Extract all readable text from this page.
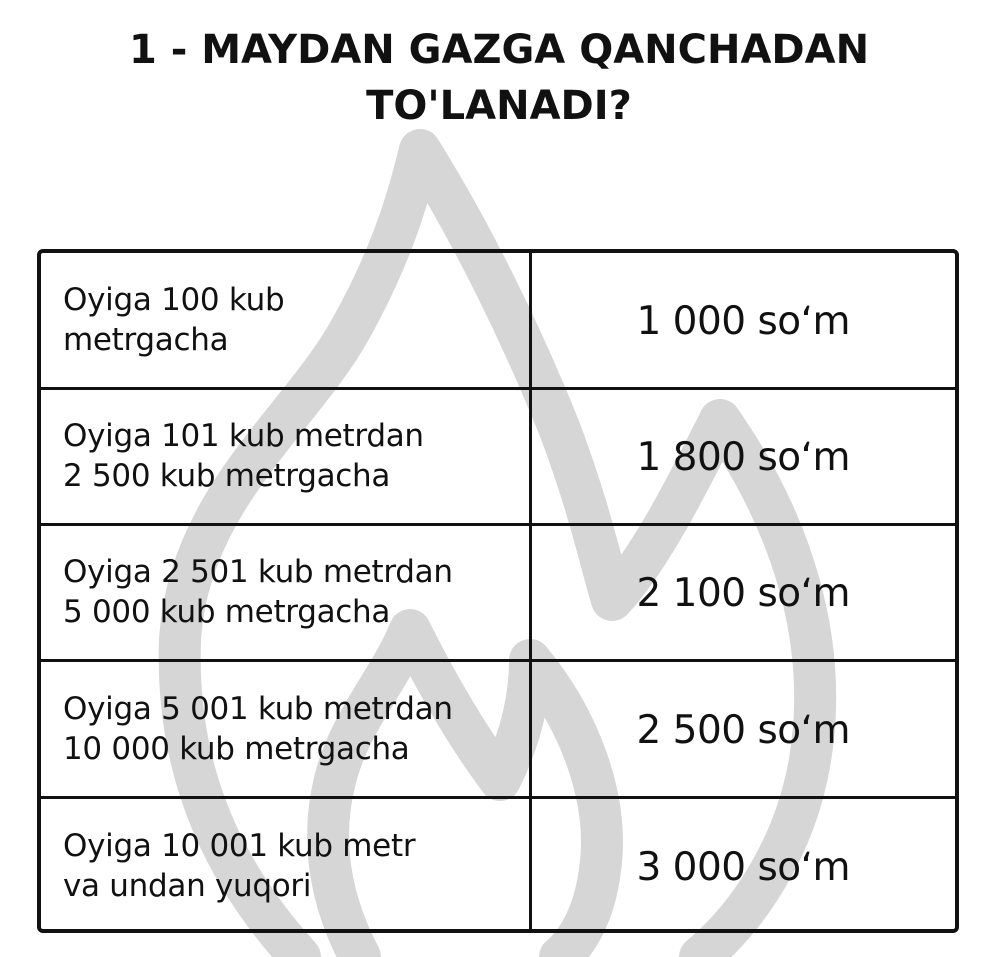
1 - MAYDAN GAZGA QANCHADAN
TO'LANADI?
Oyiga 100 kub
metrgacha	1 000 so‘m

Oyiga 101 kub metrdan
2 500 kub metrgacha	1 800 so‘m

Oyiga 2 501 kub metrdan
5 000 kub metrgacha	2 100 so‘m

Oyiga 5 001 kub metrdan
10 000 kub metrgacha	2 500 so‘m

Oyiga 10 001 kub metr
va undan yuqori	3 000 so‘m
